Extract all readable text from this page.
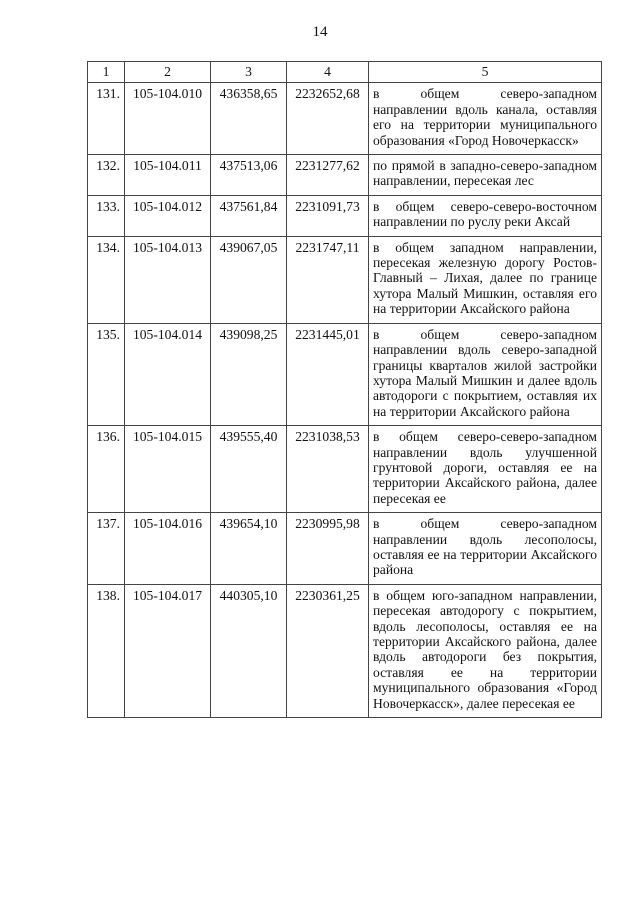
14
1	2	3	4	5
131.	105-104.010	436358,65	2232652,68	в общем северо-западном направлении вдоль канала, оставляя его на территории муниципального образования «Город Новочеркасск»
132.	105-104.011	437513,06	2231277,62	по прямой в западно-северо-западном направлении, пересекая лес
133.	105-104.012	437561,84	2231091,73	в общем северо-северо-восточном направлении по руслу реки Аксай
134.	105-104.013	439067,05	2231747,11	в общем западном направлении, пересекая железную дорогу Ростов-Главный – Лихая, далее по границе хутора Малый Мишкин, оставляя его на территории Аксайского района
135.	105-104.014	439098,25	2231445,01	в общем северо-западном направлении вдоль северо-западной границы кварталов жилой застройки хутора Малый Мишкин и далее вдоль автодороги с покрытием, оставляя их на территории Аксайского района
136.	105-104.015	439555,40	2231038,53	в общем северо-северо-западном направлении вдоль улучшенной грунтовой дороги, оставляя ее на территории Аксайского района, далее пересекая ее
137.	105-104.016	439654,10	2230995,98	в общем северо-западном направлении вдоль лесополосы, оставляя ее на территории Аксайского района
138.	105-104.017	440305,10	2230361,25	в общем юго-западном направлении, пересекая автодорогу с покрытием, вдоль лесополосы, оставляя ее на территории Аксайского района, далее вдоль автодороги без покрытия, оставляя ее на территории муниципального образования «Город Новочеркасск», далее пересекая ее
